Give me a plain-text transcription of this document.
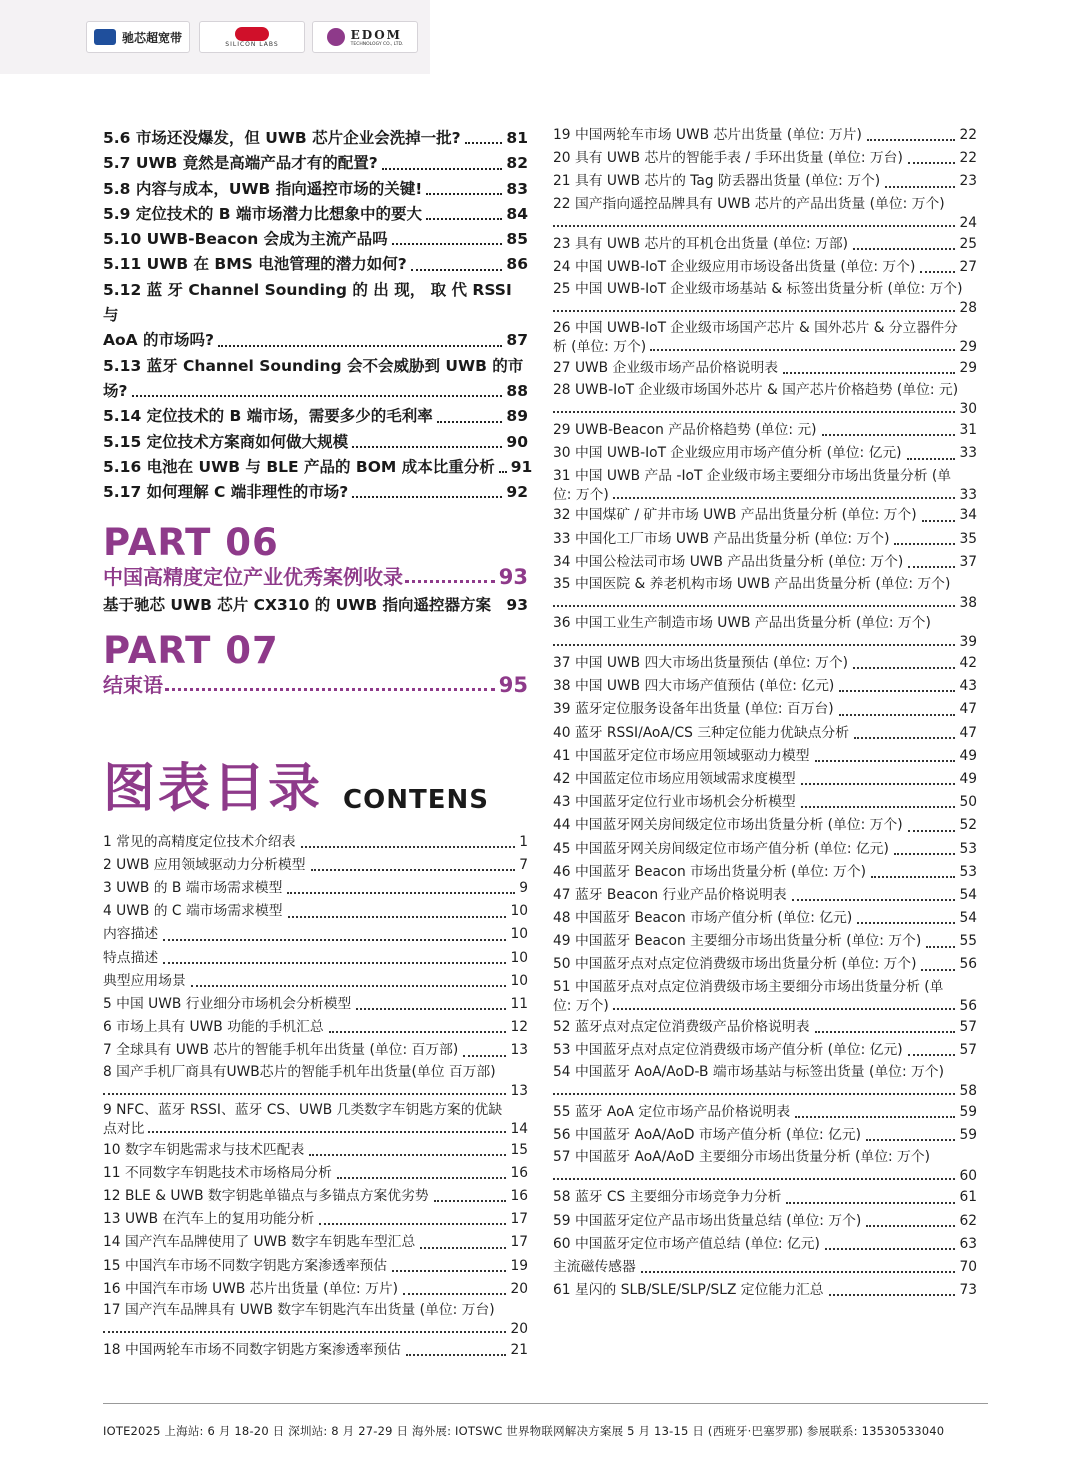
驰芯超宽带	SILICON LABS
EDOM
TECHNOLOGY CO., LTD.
5.6 市场还没爆发，但 UWB 芯片企业会洗掉一批?	81
5.7 UWB 竟然是高端产品才有的配置?	82
5.8 内容与成本，UWB 指向遥控市场的关键!	83
5.9 定位技术的 B 端市场潜力比想象中的要大	84
5.10 UWB-Beacon 会成为主流产品吗	85
5.11 UWB 在 BMS 电池管理的潜力如何?	86
5.12 蓝 牙 Channel Sounding 的 出 现， 取 代 RSSI 与
AoA 的市场吗?	87
5.13 蓝牙 Channel Sounding 会不会威胁到 UWB 的市
场?	88
5.14 定位技术的 B 端市场，需要多少的毛利率	89
5.15 定位技术方案商如何做大规模	90
5.16 电池在 UWB 与 BLE 产品的 BOM 成本比重分析 91
5.17 如何理解 C 端非理性的市场?	92
PART 06
中国高精度定位产业优秀案例收录	93
基于驰芯 UWB 芯片 CX310 的 UWB 指向遥控器方案 93
PART 07
结束语	95
图表目录 CONTENS
1 常见的高精度定位技术介绍表	1
2 UWB 应用领域驱动力分析模型	7
3 UWB 的 B 端市场需求模型	9
4 UWB 的 C 端市场需求模型	10
内容描述	10
特点描述	10
典型应用场景	10
5 中国 UWB 行业细分市场机会分析模型	11
6 市场上具有 UWB 功能的手机汇总	12
7 全球具有 UWB 芯片的智能手机年出货量 (单位: 百万部)	13
8 国产手机厂商具有UWB芯片的智能手机年出货量(单位 百万部)
13
9 NFC、蓝牙 RSSI、蓝牙 CS、UWB 几类数字车钥匙方案的优缺
点对比	14
10 数字车钥匙需求与技术匹配表	15
11 不同数字车钥匙技术市场格局分析	16
12 BLE & UWB 数字钥匙单锚点与多锚点方案优劣势	16
13 UWB 在汽车上的复用功能分析	17
14 国产汽车品牌使用了 UWB 数字车钥匙车型汇总	17
15 中国汽车市场不同数字钥匙方案渗透率预估	19
16 中国汽车市场 UWB 芯片出货量 (单位: 万片)	20
17 国产汽车品牌具有 UWB 数字车钥匙汽车出货量 (单位: 万台)
20
18 中国两轮车市场不同数字钥匙方案渗透率预估	21
19 中国两轮车市场 UWB 芯片出货量 (单位: 万片)	22
20 具有 UWB 芯片的智能手表 / 手环出货量 (单位: 万台)	22
21 具有 UWB 芯片的 Tag 防丢器出货量 (单位: 万个)	23
22 国产指向遥控品牌具有 UWB 芯片的产品出货量 (单位: 万个)
24
23 具有 UWB 芯片的耳机仓出货量 (单位: 万部)	25
24 中国 UWB-IoT 企业级应用市场设备出货量 (单位: 万个)	27
25 中国 UWB-IoT 企业级市场基站 & 标签出货量分析 (单位: 万个)
28
26 中国 UWB-IoT 企业级市场国产芯片 & 国外芯片 & 分立器件分
析 (单位: 万个)	29
27 UWB 企业级市场产品价格说明表	29
28 UWB-IoT 企业级市场国外芯片 & 国产芯片价格趋势 (单位: 元)
30
29 UWB-Beacon 产品价格趋势 (单位: 元)	31
30 中国 UWB-IoT 企业级应用市场产值分析 (单位: 亿元)	33
31 中国 UWB 产品 -IoT 企业级市场主要细分市场出货量分析 (单
位: 万个)	33
32 中国煤矿 / 矿井市场 UWB 产品出货量分析 (单位: 万个)	34
33 中国化工厂市场 UWB 产品出货量分析 (单位: 万个)	35
34 中国公检法司市场 UWB 产品出货量分析 (单位: 万个)	37
35 中国医院 & 养老机构市场 UWB 产品出货量分析 (单位: 万个)
38
36 中国工业生产制造市场 UWB 产品出货量分析 (单位: 万个)
39
37 中国 UWB 四大市场出货量预估 (单位: 万个)	42
38 中国 UWB 四大市场产值预估 (单位: 亿元)	43
39 蓝牙定位服务设备年出货量 (单位: 百万台)	47
40 蓝牙 RSSI/AoA/CS 三种定位能力优缺点分析	47
41 中国蓝牙定位市场应用领域驱动力模型	49
42 中国蓝定位市场应用领域需求度模型	49
43 中国蓝牙定位行业市场机会分析模型	50
44 中国蓝牙网关房间级定位市场出货量分析 (单位: 万个)	52
45 中国蓝牙网关房间级定位市场产值分析 (单位: 亿元)	53
46 中国蓝牙 Beacon 市场出货量分析 (单位: 万个)	53
47 蓝牙 Beacon 行业产品价格说明表	54
48 中国蓝牙 Beacon 市场产值分析 (单位: 亿元)	54
49 中国蓝牙 Beacon 主要细分市场出货量分析 (单位: 万个)	55
50 中国蓝牙点对点定位消费级市场出货量分析 (单位: 万个)	56
51 中国蓝牙点对点定位消费级市场主要细分市场出货量分析 (单
位: 万个)	56
52 蓝牙点对点定位消费级产品价格说明表	57
53 中国蓝牙点对点定位消费级市场产值分析 (单位: 亿元)	57
54 中国蓝牙 AoA/AoD-B 端市场基站与标签出货量 (单位: 万个)
58
55 蓝牙 AoA 定位市场产品价格说明表	59
56 中国蓝牙 AoA/AoD 市场产值分析 (单位: 亿元)	59
57 中国蓝牙 AoA/AoD 主要细分市场出货量分析 (单位: 万个)
60
58 蓝牙 CS 主要细分市场竞争力分析	61
59 中国蓝牙定位产品市场出货量总结 (单位: 万个)	62
60 中国蓝牙定位市场产值总结 (单位: 亿元)	63
主流磁传感器	70
61 星闪的 SLB/SLE/SLP/SLZ 定位能力汇总	73
IOTE2025 上海站: 6 月 18-20 日 深圳站: 8 月 27-29 日 海外展: IOTSWC 世界物联网解决方案展 5 月 13-15 日 (西班牙·巴塞罗那) 参展联系: 13530533040
